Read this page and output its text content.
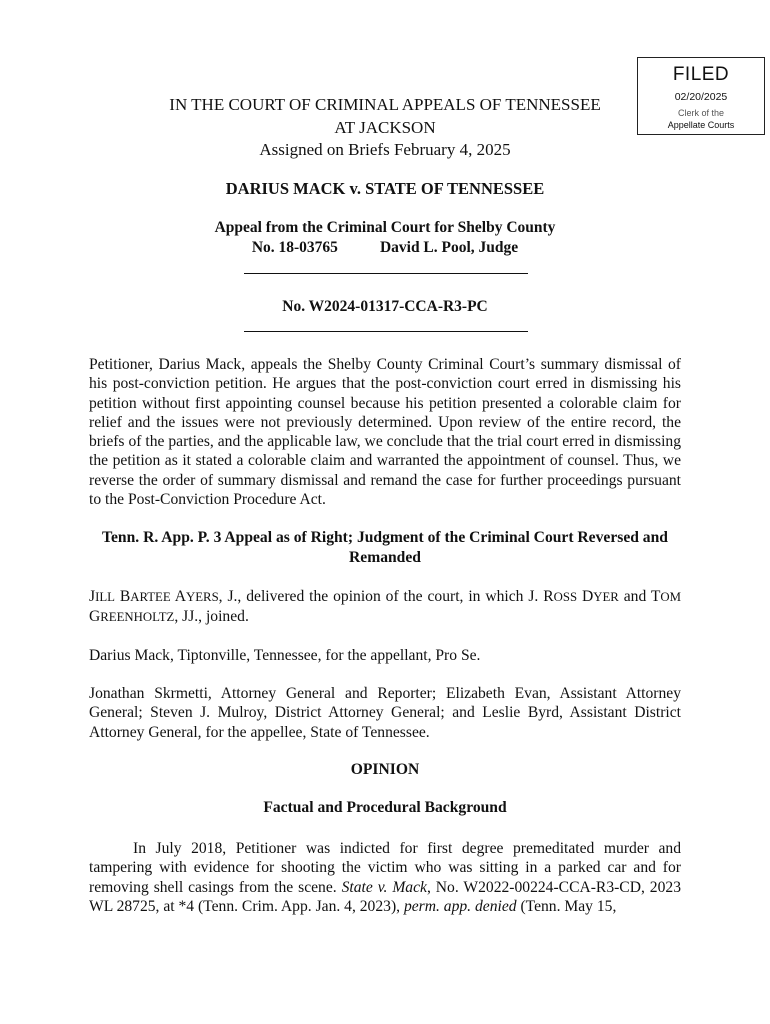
FILED
02/20/2025
Clerk of the
Appellate Courts
IN THE COURT OF CRIMINAL APPEALS OF TENNESSEE
AT JACKSON
Assigned on Briefs February 4, 2025
DARIUS MACK v. STATE OF TENNESSEE
Appeal from the Criminal Court for Shelby County
No. 18-03765	David L. Pool, Judge
No. W2024-01317-CCA-R3-PC
Petitioner, Darius Mack, appeals the Shelby County Criminal Court’s summary dismissal of his post-conviction petition. He argues that the post-conviction court erred in dismissing his petition without first appointing counsel because his petition presented a colorable claim for relief and the issues were not previously determined. Upon review of the entire record, the briefs of the parties, and the applicable law, we conclude that the trial court erred in dismissing the petition as it stated a colorable claim and warranted the appointment of counsel. Thus, we reverse the order of summary dismissal and remand the case for further proceedings pursuant to the Post-Conviction Procedure Act.
Tenn. R. App. P. 3 Appeal as of Right; Judgment of the Criminal Court Reversed and Remanded
JILL BARTEE AYERS, J., delivered the opinion of the court, in which J. ROSS DYER and TOM GREENHOLTZ, JJ., joined.
Darius Mack, Tiptonville, Tennessee, for the appellant, Pro Se.
Jonathan Skrmetti, Attorney General and Reporter; Elizabeth Evan, Assistant Attorney General; Steven J. Mulroy, District Attorney General; and Leslie Byrd, Assistant District Attorney General, for the appellee, State of Tennessee.
OPINION
Factual and Procedural Background
In July 2018, Petitioner was indicted for first degree premeditated murder and tampering with evidence for shooting the victim who was sitting in a parked car and for removing shell casings from the scene. State v. Mack, No. W2022-00224-CCA-R3-CD, 2023 WL 28725, at *4 (Tenn. Crim. App. Jan. 4, 2023), perm. app. denied (Tenn. May 15,
